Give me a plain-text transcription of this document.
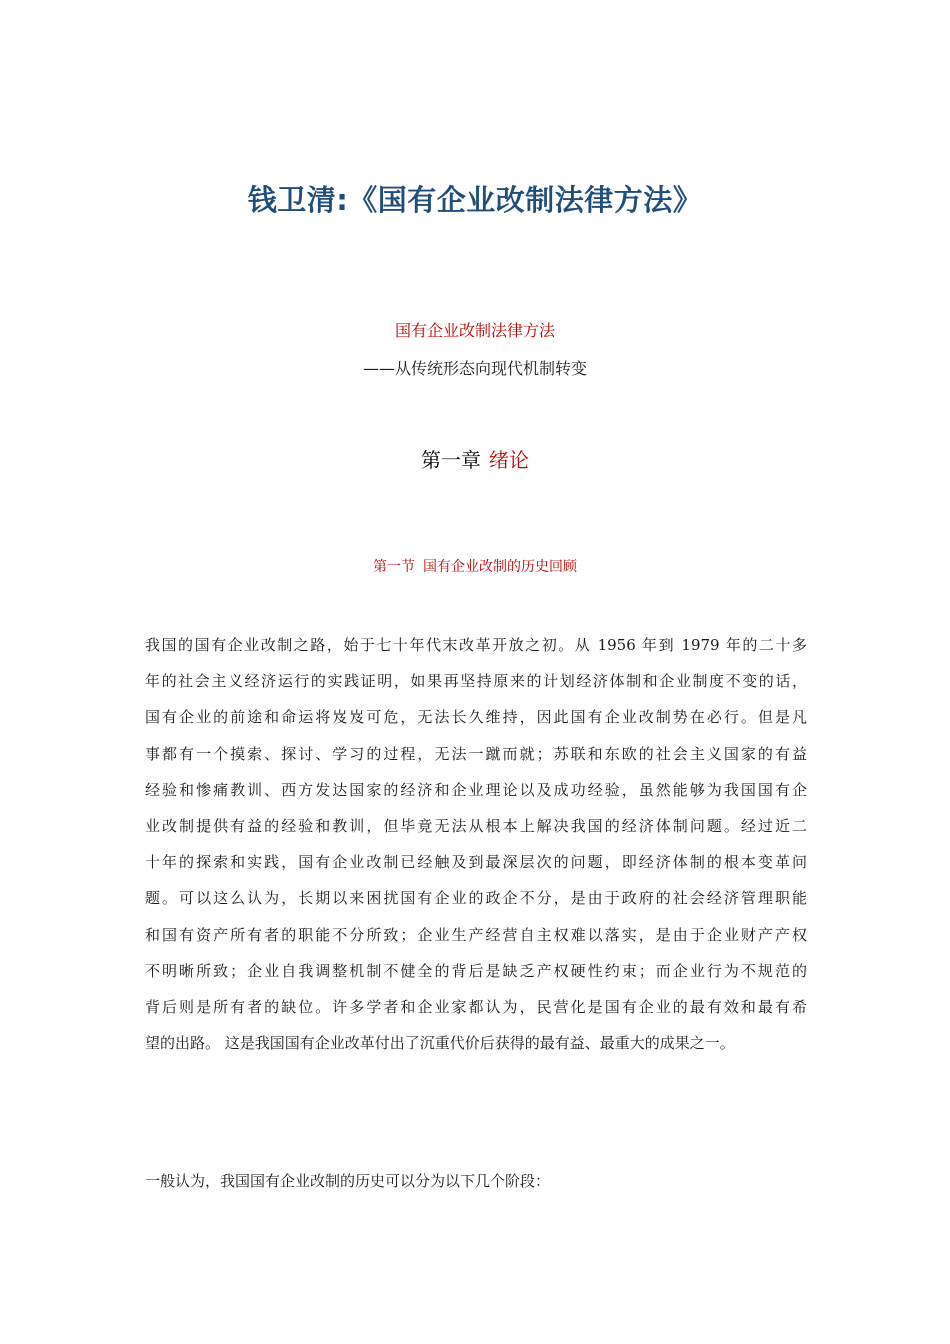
钱卫清:《国有企业改制法律方法》
国有企业改制法律方法
——从传统形态向现代机制转变
第一章 绪论
第一节 国有企业改制的历史回顾
我国的国有企业改制之路，始于七十年代末改革开放之初。从 1956 年到 1979 年的二十多
年的社会主义经济运行的实践证明，如果再坚持原来的计划经济体制和企业制度不变的话，
国有企业的前途和命运将岌岌可危，无法长久维持，因此国有企业改制势在必行。但是凡
事都有一个摸索、探讨、学习的过程，无法一蹴而就；苏联和东欧的社会主义国家的有益
经验和惨痛教训、西方发达国家的经济和企业理论以及成功经验，虽然能够为我国国有企
业改制提供有益的经验和教训，但毕竟无法从根本上解决我国的经济体制问题。经过近二
十年的探索和实践，国有企业改制已经触及到最深层次的问题，即经济体制的根本变革问
题。可以这么认为，长期以来困扰国有企业的政企不分，是由于政府的社会经济管理职能
和国有资产所有者的职能不分所致；企业生产经营自主权难以落实，是由于企业财产产权
不明晰所致；企业自我调整机制不健全的背后是缺乏产权硬性约束；而企业行为不规范的
背后则是所有者的缺位。许多学者和企业家都认为，民营化是国有企业的最有效和最有希
望的出路。 这是我国国有企业改革付出了沉重代价后获得的最有益、最重大的成果之一。

一般认为，我国国有企业改制的历史可以分为以下几个阶段：
